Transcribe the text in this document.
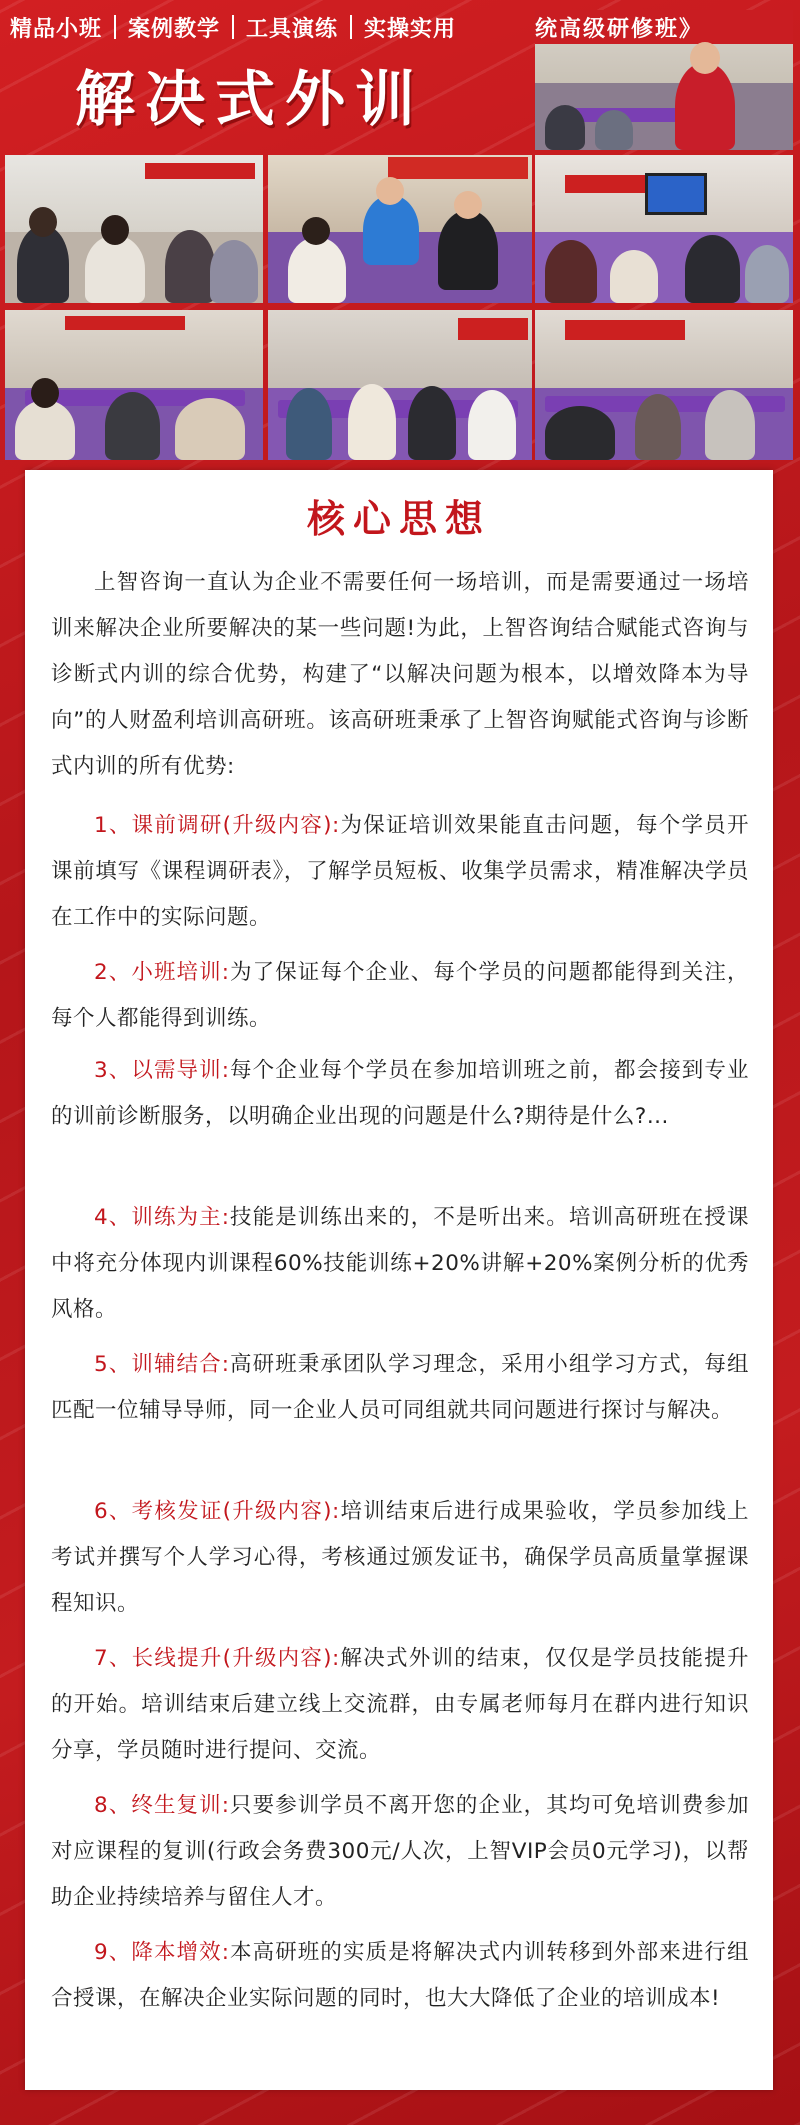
精品小班 案例教学 工具演练 实操实用
解决式外训
统高级研修班》
核心思想

上智咨询一直认为企业不需要任何一场培训，而是需要通过一场培训来解决企业所要解决的某一些问题!为此，上智咨询结合赋能式咨询与诊断式内训的综合优势，构建了“以解决问题为根本，以增效降本为导向”的人财盈利培训高研班。该高研班秉承了上智咨询赋能式咨询与诊断式内训的所有优势:

1、课前调研(升级内容):为保证培训效果能直击问题，每个学员开课前填写《课程调研表》，了解学员短板、收集学员需求，精准解决学员在工作中的实际问题。

2、小班培训:为了保证每个企业、每个学员的问题都能得到关注，每个人都能得到训练。

3、以需导训:每个企业每个学员在参加培训班之前，都会接到专业的训前诊断服务，以明确企业出现的问题是什么?期待是什么?...

4、训练为主:技能是训练出来的，不是听出来。培训高研班在授课中将充分体现内训课程60%技能训练+20%讲解+20%案例分析的优秀风格。

5、训辅结合:高研班秉承团队学习理念，采用小组学习方式，每组匹配一位辅导导师，同一企业人员可同组就共同问题进行探讨与解决。

6、考核发证(升级内容):培训结束后进行成果验收，学员参加线上考试并撰写个人学习心得，考核通过颁发证书，确保学员高质量掌握课程知识。

7、长线提升(升级内容):解决式外训的结束，仅仅是学员技能提升的开始。培训结束后建立线上交流群，由专属老师每月在群内进行知识分享，学员随时进行提问、交流。

8、终生复训:只要参训学员不离开您的企业，其均可免培训费参加对应课程的复训(行政会务费300元/人次，上智VIP会员0元学习)，以帮助企业持续培养与留住人才。

9、降本增效:本高研班的实质是将解决式内训转移到外部来进行组合授课，在解决企业实际问题的同时，也大大降低了企业的培训成本!
